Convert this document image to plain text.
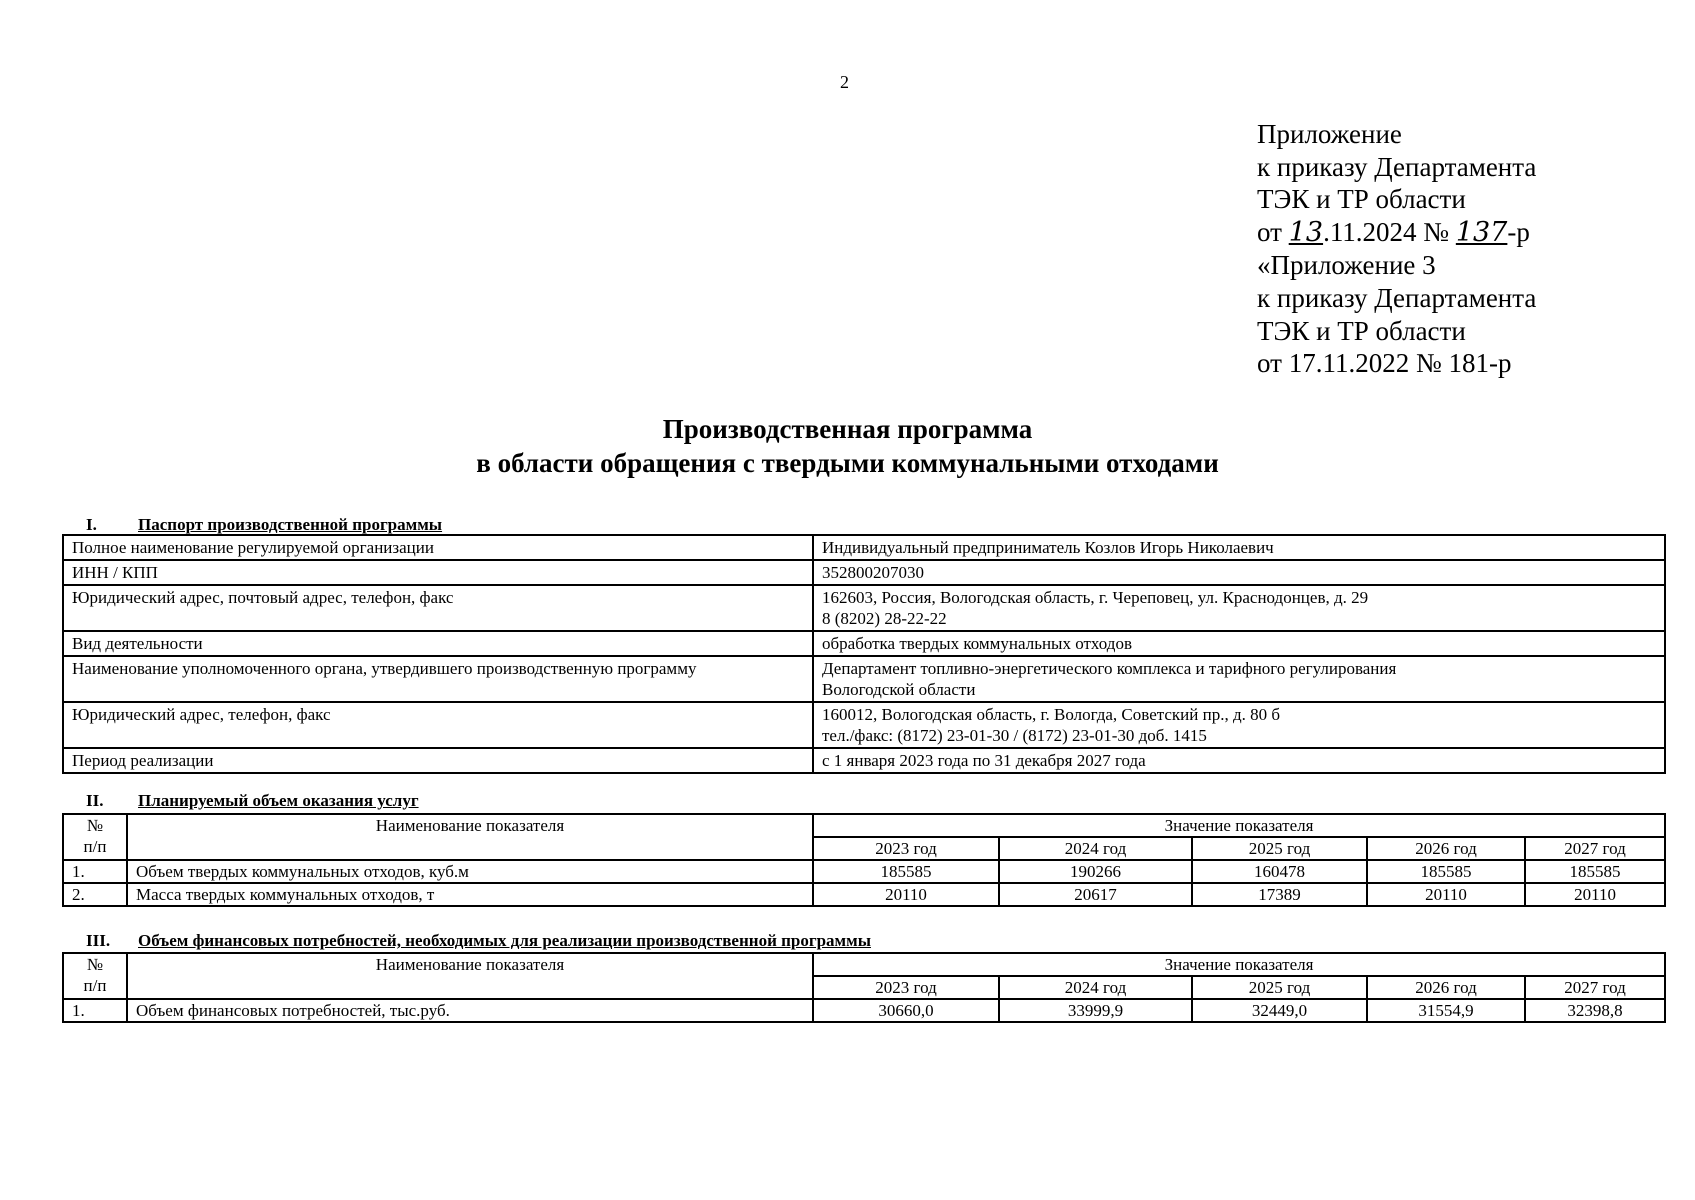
2
Приложение
к приказу Департамента
ТЭК и ТР области
от 13.11.2024 № 137-р
«Приложение 3
к приказу Департамента
ТЭК и ТР области
от 17.11.2022 № 181-р
Производственная программа
в области обращения с твердыми коммунальными отходами
I. Паспорт производственной программы
Полное наименование регулируемой организации	Индивидуальный предприниматель Козлов Игорь Николаевич

ИНН / КПП	352800207030

Юридический адрес, почтовый адрес, телефон, факс	162603, Россия, Вологодская область, г. Череповец, ул. Краснодонцев, д. 29
8 (8202) 28-22-22

Вид деятельности	обработка твердых коммунальных отходов

Наименование уполномоченного органа, утвердившего производственную программу	Департамент топливно-энергетического комплекса и тарифного регулирования
Вологодской области

Юридический адрес, телефон, факс	160012, Вологодская область, г. Вологда, Советский пр., д. 80 б
тел./факс: (8172) 23-01-30 / (8172) 23-01-30 доб. 1415

Период реализации	с 1 января 2023 года по 31 декабря 2027 года
II. Планируемый объем оказания услуг
№
п/п	Наименование показателя	Значение показателя				
		2023 год	2024 год	2025 год	2026 год	2027 год
1.	Объем твердых коммунальных отходов, куб.м	185585	190266	160478	185585	185585
2.	Масса твердых коммунальных отходов, т	20110	20617	17389	20110	20110
III. Объем финансовых потребностей, необходимых для реализации производственной программы
№
п/п	Наименование показателя	Значение показателя				
		2023 год	2024 год	2025 год	2026 год	2027 год
1.	Объем финансовых потребностей, тыс.руб.	30660,0	33999,9	32449,0	31554,9	32398,8
